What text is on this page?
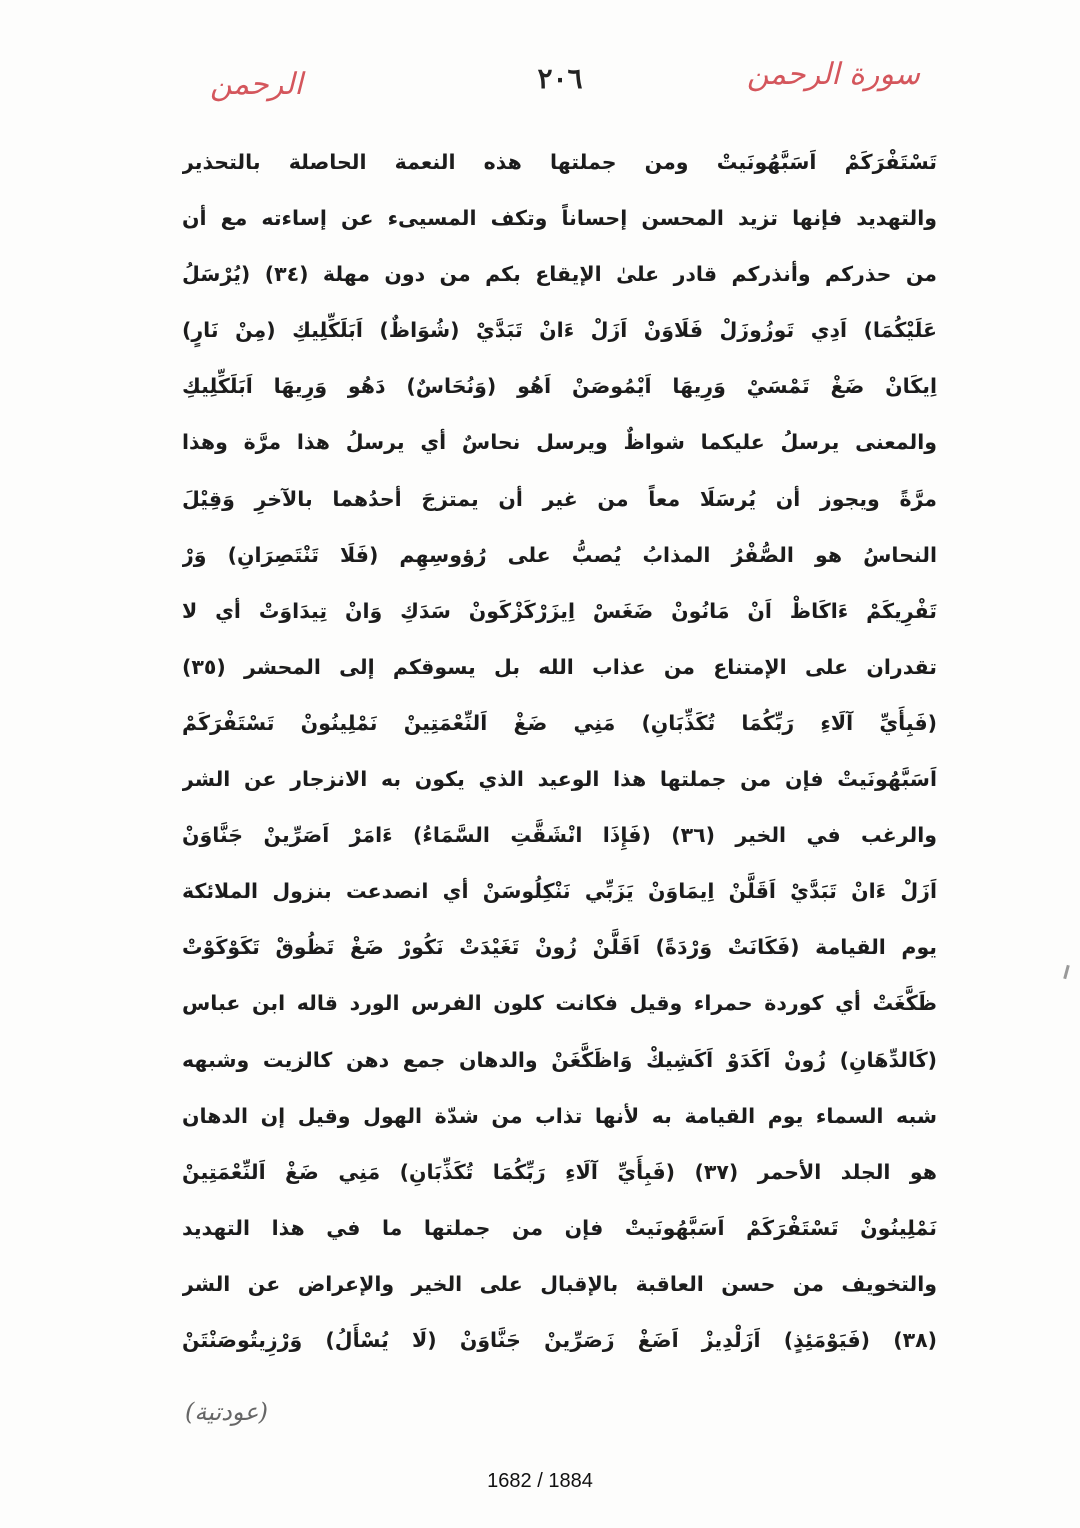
سورة الرحمن
٢٠٦
الرحمن
تَسْتَفْرَكَمْ اَسَبَّهُونَيتْ ومن جملتها هذه النعمة الحاصلة بالتحذير
والتهديد فإنها تزيد المحسن إحساناً وتكف المسيىء عن إساءته مع أن
من حذركم وأنذركم قادر علىٰ الإيقاع بكم من دون مهلة (٣٤) (يُرْسَلُ
عَلَيْكُمَا) اَدِي تَوزُوزَلْ فَلَاوَنْ اَزَلْ ءَانْ تَبَدَّيْ (شُوَاظٌ) اَبَلَكِّلِيكِ (مِنْ نَارٍ)
اِيكَانْ ضَغْ تَمْسَيْ وَرِيهَا اَيْمُوصَنْ اَهُو (وَنُحَاسٌ) دَهُو وَرِيهَا اَبَلَكِّلِيكِ
والمعنى يرسلُ عليكما شواظٌ ويرسل نحاسٌ أي يرسلُ هذا مرَّة وهذا
مرَّةً ويجوز أن يُرسَلَا معاً من غير أن يمتزجَ أحدُهما بالآخرِ وَقِيْلَ
النحاسُ هو الصُّفْرُ المذابُ يُصبُّ على رُؤوسِهِم (فَلَا تَنْتَصِرَانِ) وَرْ
تَفْرِيكَمْ ءَاكَاظْ اَنْ مَانُونْ ضَغَسْ اِيزَرْكَزْكَونْ سَدَكِ وَانْ تِيدَاوَتْ أي لا
تقدران على الإمتناع من عذاب الله بل يسوقكم إلى المحشر (٣٥)
(فَبِأَيِّ آلَاءِ رَبِّكُمَا تُكَذِّبَانِ) مَنِي ضَغْ اَلنِّعْمَتِينْ نَمْلِينُونْ تَسْتَفْرَكَمْ
اَسَبَّهُونَيتْ فإن من جملتها هذا الوعيد الذي يكون به الانزجار عن الشر
والرغب في الخير (٣٦) (فَإِذَا انْشَقَّتِ السَّمَاءُ) ءَامَرْ اَصَرِّينْ جَنَّاوَنْ
اَزَلْ ءَانْ تَبَدَّيْ اَقَلَّنْ اِيمَاوَنْ يَزَبِّي نَنْكِلُوسَنْ أي انصدعت بنزول الملائكة
يوم القيامة (فَكَانَتْ وَرْدَةً) اَقَلَّنْ زُونْ تَغَيْدَتْ نَكُورْ ضَغْ تَظُوقْ تَكَوْكَوْتْ
ظَكَّغَتْ أي كوردة حمراء وقيل فكانت كلون الفرس الورد قاله ابن عباس
(كَالدِّهَانِ) زُونْ اَكَدَوْ اَكَشِيكْ وَاظَكَّغَنْ والدهان جمع دهن كالزيت وشبهه
شبه السماء يوم القيامة به لأنها تذاب من شدّة الهول وقيل إن الدهان
هو الجلد الأحمر (٣٧) (فَبِأَيِّ آلَاءِ رَبِّكُمَا تُكَذِّبَانِ) مَنِي ضَغْ اَلنِّعْمَتِينْ
نَمْلِينُونْ تَسْتَفْرَكَمْ اَسَبَّهُونَيتْ فإن من جملتها ما في هذا التهديد
والتخويف من حسن العاقبة بالإقبال على الخير والإعراض عن الشر
(٣٨) (فَيَوْمَئِذٍ) اَزَلْدِيزْ اَضَغْ زَصَرِّينْ جَنَّاوَنْ (لَا يُسْأَلُ) وَرْزِيتُوصَنْتَنْ
(عودتية)
1682 / 1884
